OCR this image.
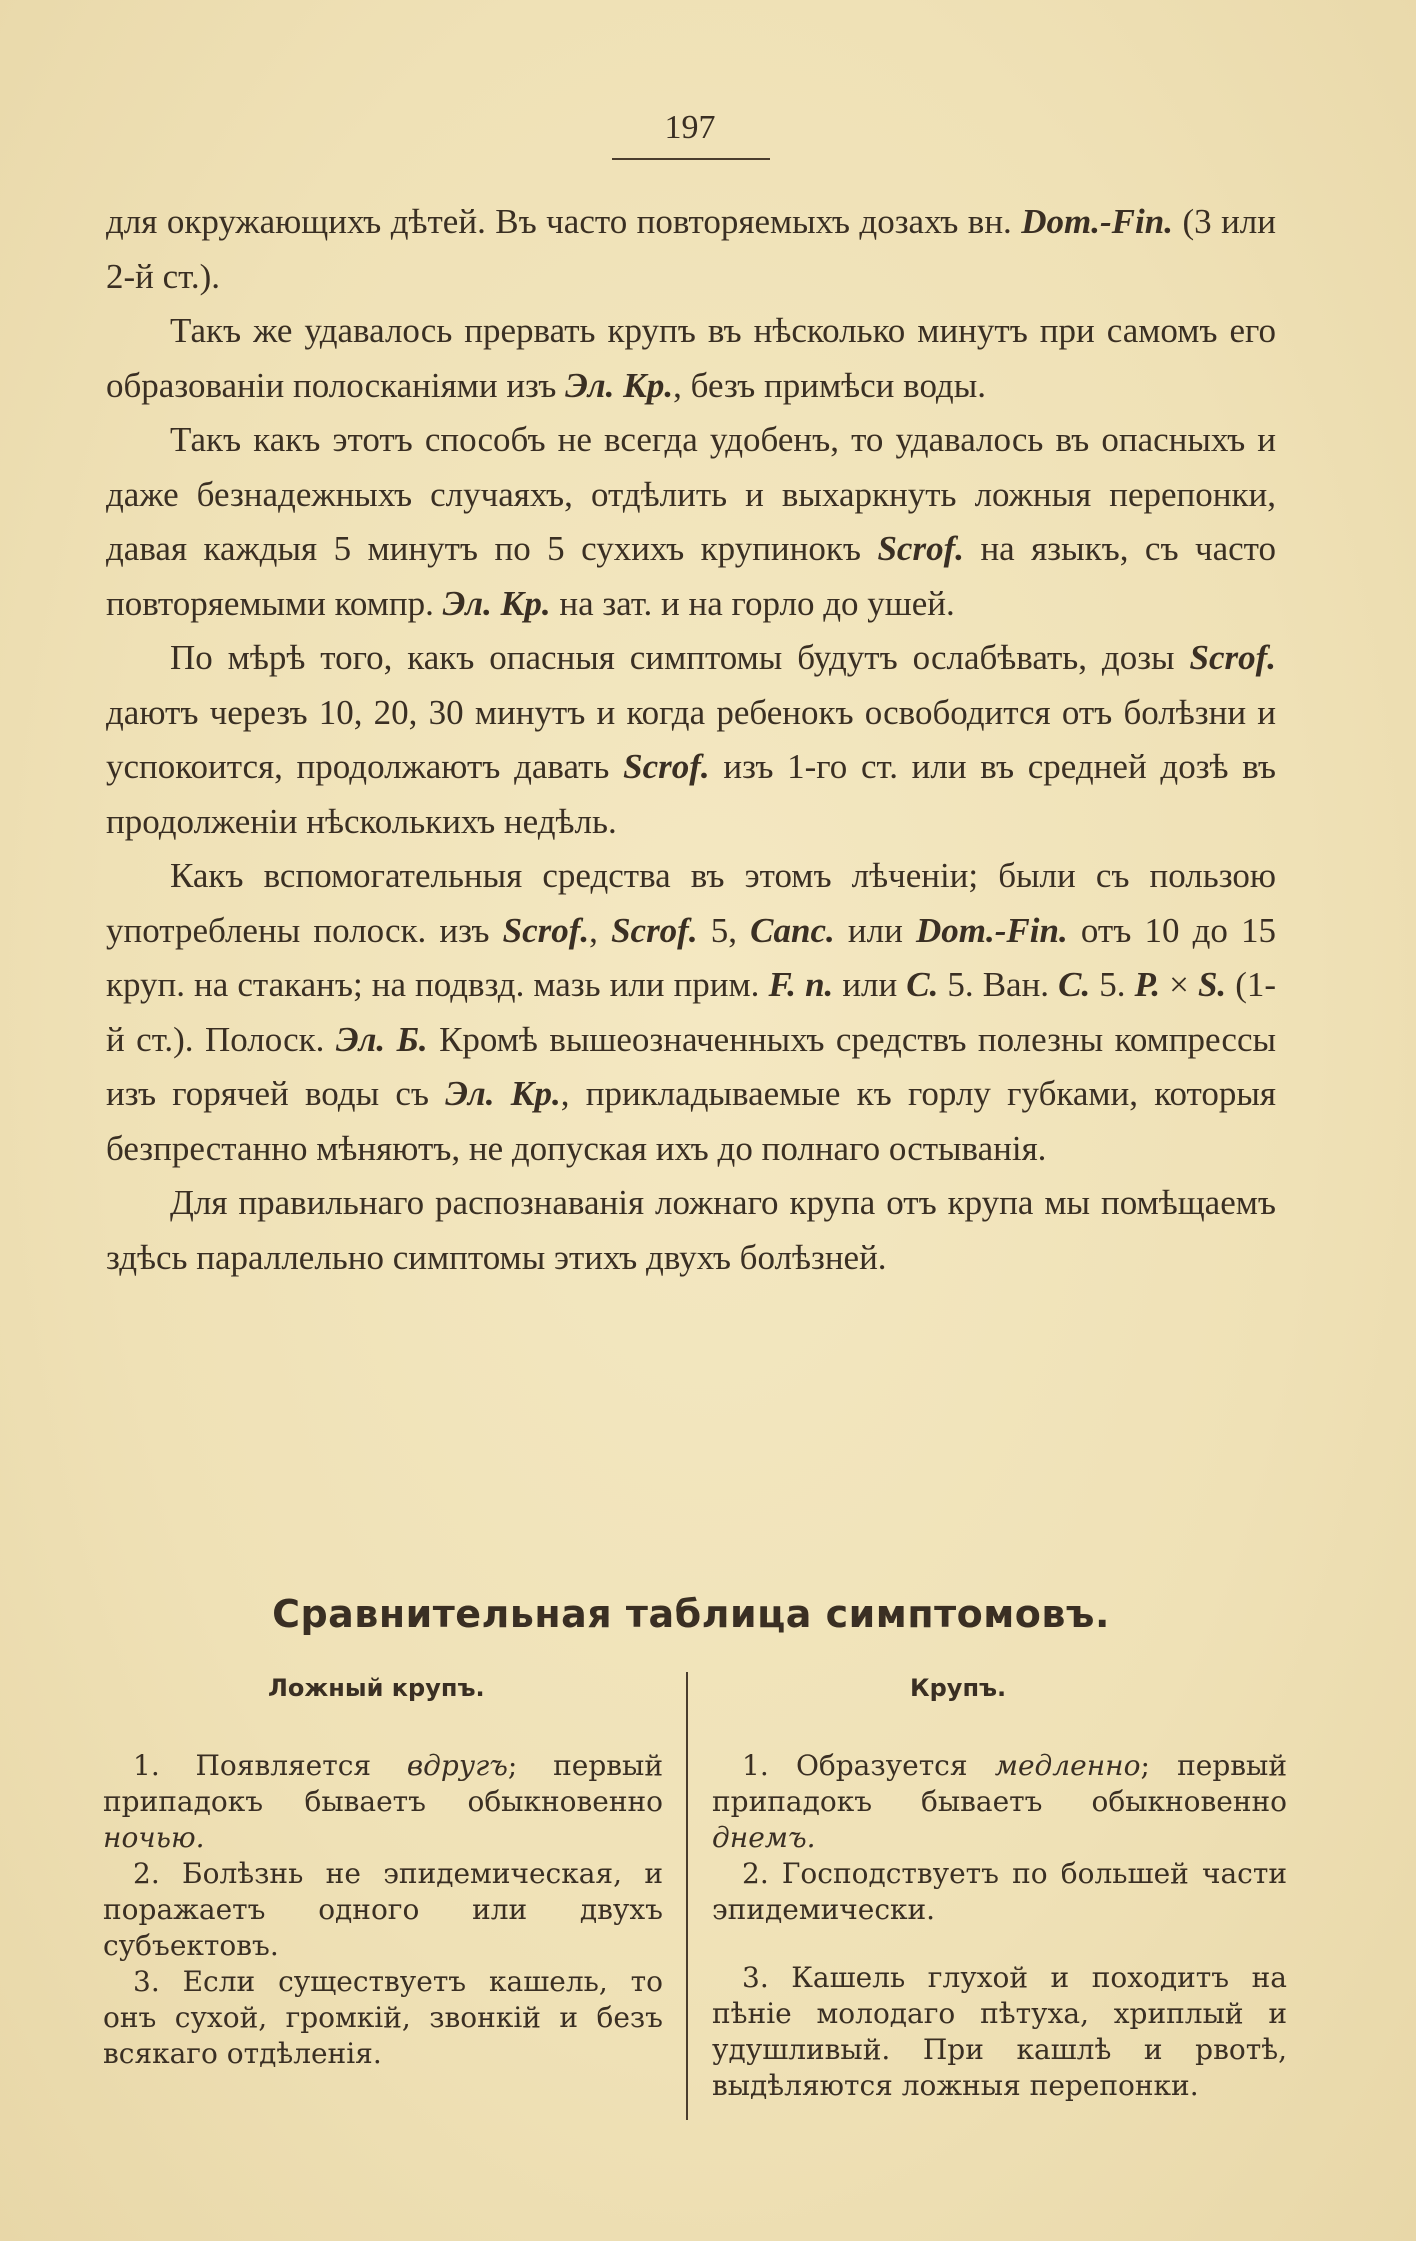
197

для окружающихъ дѣтей. Въ часто повторяемыхъ дозахъ вн. Dom.-Fin. (3 или 2-й ст.).

Такъ же удавалось прервать крупъ въ нѣсколько минутъ при самомъ его образованіи полосканіями изъ Эл. Кр., безъ примѣси воды.

Такъ какъ этотъ способъ не всегда удобенъ, то удавалось въ опасныхъ и даже безнадежныхъ случаяхъ, отдѣлить и выхаркнуть ложныя перепонки, давая каждыя 5 минутъ по 5 сухихъ крупинокъ Scrof. на языкъ, съ часто повторяемыми компр. Эл. Кр. на зат. и на горло до ушей.

По мѣрѣ того, какъ опасныя симптомы будутъ ослабѣвать, дозы Scrof. даютъ черезъ 10, 20, 30 минутъ и когда ребенокъ освободится отъ болѣзни и успокоится, продолжаютъ давать Scrof. изъ 1-го ст. или въ средней дозѣ въ продолженіи нѣсколькихъ недѣль.

Какъ вспомогательныя средства въ этомъ лѣченіи; были съ пользою употреблены полоск. изъ Scrof., Scrof. 5, Canc. или Dom.-Fin. отъ 10 до 15 круп. на стаканъ; на подвзд. мазь или прим. F. n. или C. 5. Ван. C. 5. P. × S. (1-й ст.). Полоск. Эл. Б. Кромѣ вышеозначенныхъ средствъ полезны компрессы изъ горячей воды съ Эл. Кр., прикладываемые къ горлу губками, которыя безпрестанно мѣняютъ, не допуская ихъ до полнаго остыванія.

Для правильнаго распознаванія ложнаго крупа отъ крупа мы помѣщаемъ здѣсь параллельно симптомы этихъ двухъ болѣзней.

Сравнительная таблица симптомовъ.
Ложный крупъ.

1. Появляется вдругъ; первый припадокъ бываетъ обыкновенно ночью.

2. Болѣзнь не эпидемическая, и поражаетъ одного или двухъ субъектовъ.

3. Если существуетъ кашель, то онъ сухой, громкій, звонкій и безъ всякаго отдѣленія.

Крупъ.

1. Образуется медленно; первый припадокъ бываетъ обыкновенно днемъ.

2. Господствуетъ по большей части эпидемически.

3. Кашель глухой и походитъ на пѣніе молодаго пѣтуха, хриплый и удушливый. При кашлѣ и рвотѣ, выдѣляются ложныя перепонки.
